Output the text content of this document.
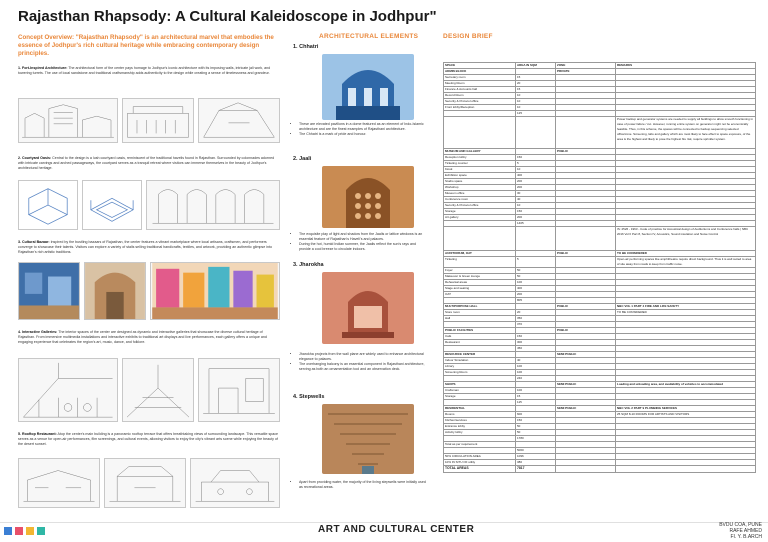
Rajasthan Rhapsody: A Cultural Kaleidoscope in Jodhpur"
Concept Overview: "Rajasthan Rhapsody" is an architectural marvel that embodies the essence of Jodhpur's rich cultural heritage while embracing contemporary design principles.
ARCHITECTURAL ELEMENTS	DESIGN BRIEF
1. Fort-Inspired Architecture: The architectural form of the center pays homage to Jodhpur's iconic architecture with its imposing walls, intricate jali work, and towering turrets. The use of local sandstone and traditional craftsmanship adds authenticity to the design while creating a sense of timelessness and grandeur.
2. Courtyard Oasis: Central to the design is a lush courtyard oasis, reminiscent of the traditional havelis found in Rajasthan. Surrounded by colonnades adorned with intricate carvings and arched passageways, the courtyard serves as a tranquil retreat where visitors can immerse themselves in the beauty of Jodhpur's architectural heritage.
3. Cultural Bazaar: Inspired by the bustling bazaars of Rajasthan, the center features a vibrant marketplace where local artisans, craftsmen, and performers converge to showcase their talents. Visitors can explore a variety of stalls selling traditional handicrafts, textiles, and artwork, providing an authentic glimpse into Rajasthan's rich artistic traditions.
4. Interactive Galleries: The interior spaces of the center are designed as dynamic and interactive galleries that showcase the diverse cultural heritage of Rajasthan. From immersive multimedia installations and interactive exhibits to traditional art displays and live performances, each gallery offers a unique and engaging experience that celebrates the region's art, music, dance, and folklore.
5. Rooftop Restaurant: Atop the center's main building is a panoramic rooftop terrace that offers breathtaking views of surrounding landscape. This versatile space serves as a venue for open-air performances, film screenings, and cultural events, allowing visitors to enjoy the city's vibrant arts scene while enjoying the beauty of the desert sunset.
1. Chhatri
• These are elevated pavilions in a dome featured as an element of Indo-Islamic architecture and are the finest examples of Rajasthani architecture.
• The Chhatri is a mark of pride and honour.
2. Jaali
• The exquisite play of light and shadow from the Jaalis or lattice windows is an essential feature of Rajasthan's Haveli's and palaces.
• During the hot, humid Indian summer, the Jaalis reflect the sun's rays and provide a cool breeze to circulate indoors.
3. Jharokha
• Jharokha projects from the wall plane are widely used to enhance architectural elegance to palaces.
• The overhanging balcony is an essential component in Rajasthani architecture, serving as both an ornamentation tool and an observation deck.
4. Stepwells
• Apart from providing water, the majority of the living stepwells were initially used as recreational areas.
SPACE	AREA IN SQM	ZONE	REMARKS
ADMIN BLOCK		PRIVATE	
Secretary room	15		
Meeting Room	20		
Finance & Accounts hall	15		
Record Room	10		
Security & Protocol office	10		
Front lobby/Reception	10		
	125		
			Power backup and generator systems are needed to supply all buildings to allow smooth functioning in case of power failure / cut. However, running entire system on generator might not be economically feasible. Thus, in this scheme, the spaces will be connected to backup sequencing selected office/zone. Screening, labs and gallery which are most likely to face effect to space exposure, of the area is the highest and likely to pose the highest fire risk, require sprinkler system.
MUSEUM AND GALLERY		PUBLIC	
Reception lobby	150		
Ticketing counter	5		
Kiosk	10		
Exhibition space	400		
Studio space	200		
Workshop	200		
Museum office	30		
Conference room	40		
Security & Protocol office	10		
Storage	150		
Art gallery	200		
	1405		
			IS: 2526 - 1963 - Code of practice for Acoustical design of Auditoriums and Conference halls | NBC 2016 Vol II Part 8, Section IV, Acoustics, Sound insulation and Noise Control
AUDITORIUM, OAT		PUBLIC	TO BE CONSIDERED
Ticketing	5		Open-air performing spaces like amphitheatre require direct background. Thus it is well suited to area of site away from roads to keep from traffic noise.
Foyer	50		
Makeover & Green lounge	50		
Rehearsal areas	100		
Stage and seating	400		
OAT	200		
	805		
MULTIPURPOSE HALL		PUBLIC	NBC VOL 1 PART 4 FIRE AND LIFE SAFETY
Store room	20		TO BE CONSIDERED
Hall	350		
	370		
PUBLIC FACILITIES		PUBLIC	
Café	150		
Restaurant	300		
	450		
RESOURCE CENTER		SEMI PUBLIC	
Indoor Simulation	40		
Library	100		
Screening Room	100		
	240		
SHOPS		SEMI PUBLIC	Loading and unloading area, and availability of vehicles to accommodated
Craftsman	100		
Storage	15		
	115		
RESIDENTIAL		SEMI PUBLIC	NBC VOL 2 PART 9 PLUMBING SERVICES
Rooms	600		25 SQM 8-10 ROOMS FOR ARTISTS AND VISITORS
Kitchen/services	150		
Entrance lobby	50		
Activity lobby	50		
	1780		
Total as per requirement			
	5060		
50% CIRCULATION AREA	1096		
10% IN SITU OF utility	380		
TOTAL AREAS	7817		
ART AND CULTURAL CENTER	BVDU COA, PUNE
RAFE AHMED
FI. Y. B.ARCH
